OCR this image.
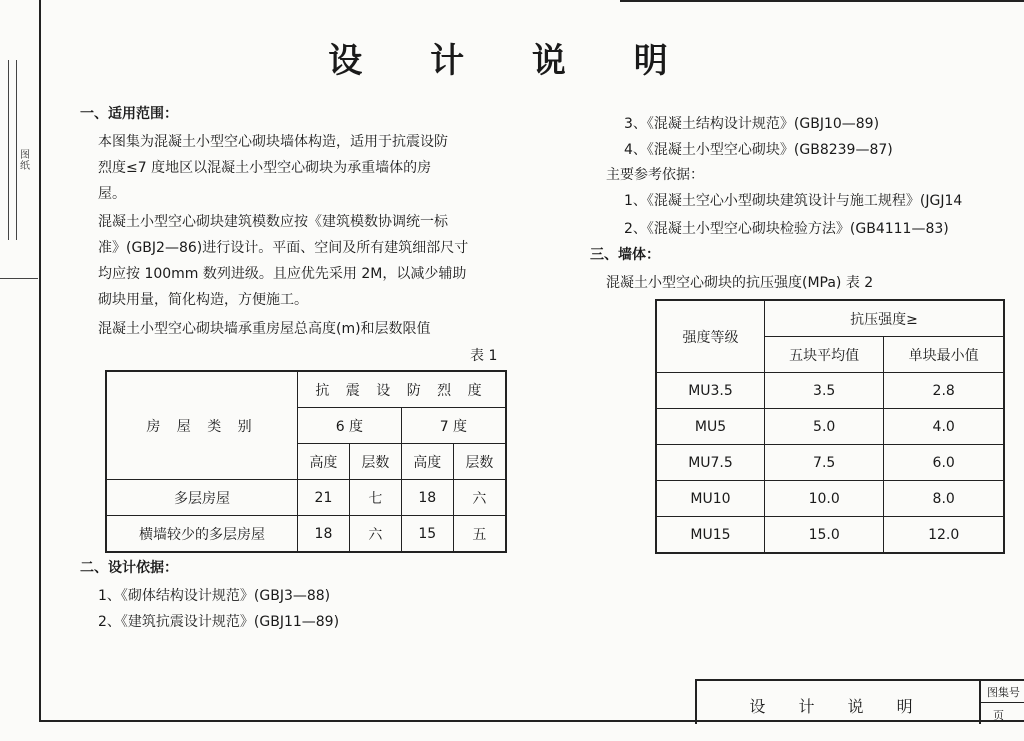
图纸
设 计 说 明
一、适用范围：
本图集为混凝土小型空心砌块墙体构造，适用于抗震设防
烈度≤7 度地区以混凝土小型空心砌块为承重墙体的房
屋。
混凝土小型空心砌块建筑模数应按《建筑模数协调统一标
准》(GBJ2—86)进行设计。平面、空间及所有建筑细部尺寸
均应按 100mm 数列进级。且应优先采用 2M，以减少辅助
砌块用量，简化构造，方便施工。
混凝土小型空心砌块墙承重房屋总高度(m)和层数限值
表 1
房 屋 类 别	抗 震 设 防 烈 度			
	6 度		7 度	
	高度	层数	高度	层数
多层房屋	21	七	18	六
横墙较少的多层房屋	18	六	15	五
二、设计依据：
1、《砌体结构设计规范》(GBJ3—88)
2、《建筑抗震设计规范》(GBJ11—89)
3、《混凝土结构设计规范》(GBJ10—89)
4、《混凝土小型空心砌块》(GB8239—87)
主要参考依据：
1、《混凝土空心小型砌块建筑设计与施工规程》(JGJ14
2、《混凝土小型空心砌块检验方法》(GB4111—83)
三、墙体：
混凝土小型空心砌块的抗压强度(MPa) 表 2
强度等级	抗压强度≥	
	五块平均值	单块最小值
MU3.5	3.5	2.8
MU5	5.0	4.0
MU7.5	7.5	6.0
MU10	10.0	8.0
MU15	15.0	12.0
设 计 说 明
图集号
页
